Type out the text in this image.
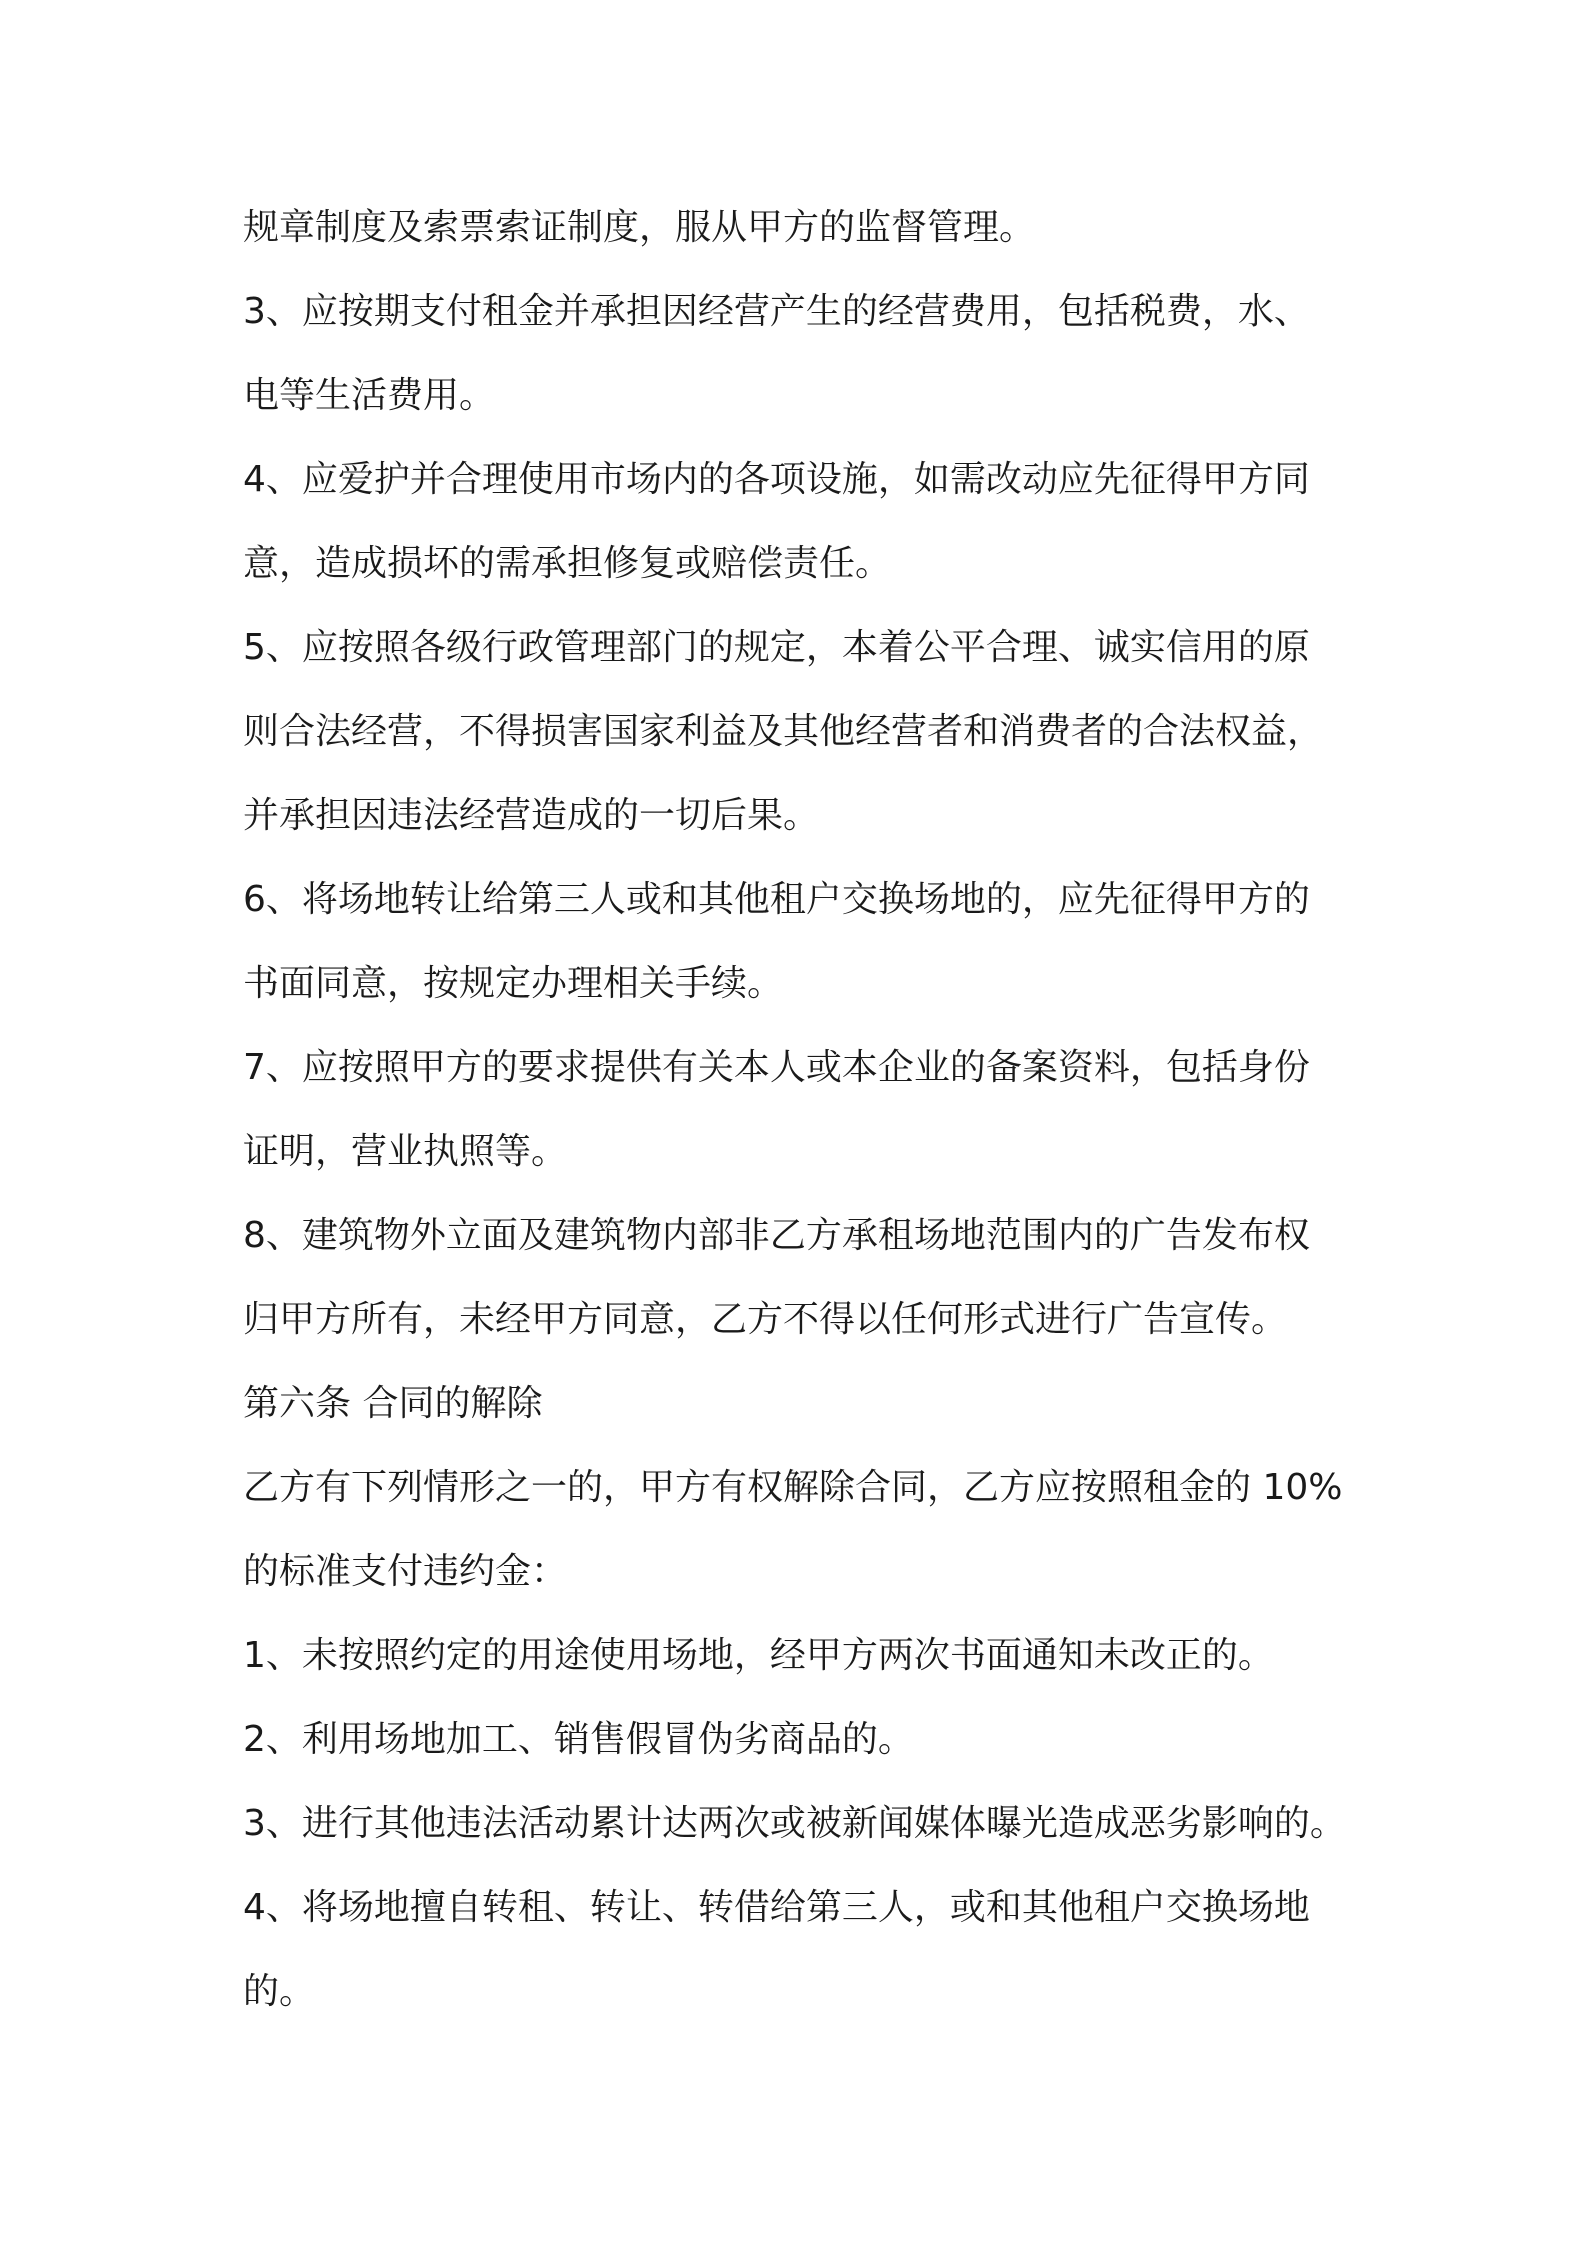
规章制度及索票索证制度，服从甲方的监督管理。
3、应按期支付租金并承担因经营产生的经营费用，包括税费，水、
电等生活费用。
4、应爱护并合理使用市场内的各项设施，如需改动应先征得甲方同
意，造成损坏的需承担修复或赔偿责任。
5、应按照各级行政管理部门的规定，本着公平合理、诚实信用的原
则合法经营，不得损害国家利益及其他经营者和消费者的合法权益，
并承担因违法经营造成的一切后果。
6、将场地转让给第三人或和其他租户交换场地的，应先征得甲方的
书面同意，按规定办理相关手续。
7、应按照甲方的要求提供有关本人或本企业的备案资料，包括身份
证明，营业执照等。
8、建筑物外立面及建筑物内部非乙方承租场地范围内的广告发布权
归甲方所有，未经甲方同意，乙方不得以任何形式进行广告宣传。
第六条 合同的解除
乙方有下列情形之一的，甲方有权解除合同，乙方应按照租金的 10%
的标准支付违约金：
1、未按照约定的用途使用场地，经甲方两次书面通知未改正的。
2、利用场地加工、销售假冒伪劣商品的。
3、进行其他违法活动累计达两次或被新闻媒体曝光造成恶劣影响的。
4、将场地擅自转租、转让、转借给第三人，或和其他租户交换场地
的。
